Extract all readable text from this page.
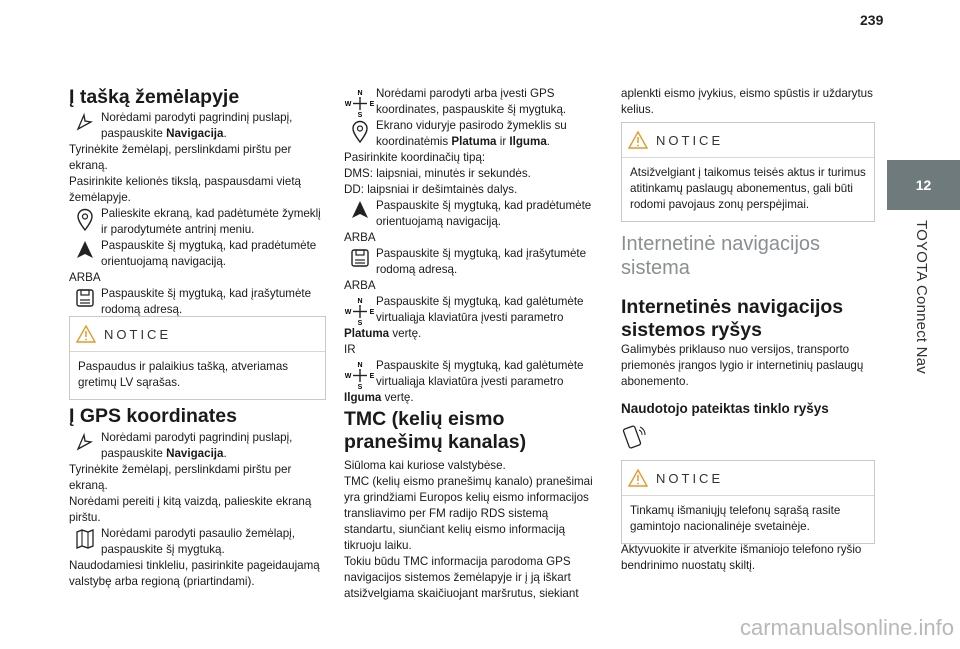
239
12
TOYOTA Connect Nav
Į tašką žemėlapyje

Norėdami parodyti pagrindinį puslapį, paspauskite Navigacija.

Tyrinėkite žemėlapį, perslinkdami pirštu per ekraną.

Pasirinkite kelionės tikslą, paspausdami vietą žemėlapyje.

Palieskite ekraną, kad padėtumėte žymeklį ir parodytumėte antrinį meniu.

Paspauskite šį mygtuką, kad pradėtumėte orientuojamą navigaciją.

ARBA

Paspauskite šį mygtuką, kad įrašytumėte rodomą adresą.

NOTICE

Paspaudus ir palaikius tašką, atveriamas gretimų LV sąrašas.

Į GPS koordinates

Norėdami parodyti pagrindinį puslapį, paspauskite Navigacija.

Tyrinėkite žemėlapį, perslinkdami pirštu per ekraną.

Norėdami pereiti į kitą vaizdą, palieskite ekraną pirštu.

Norėdami parodyti pasaulio žemėlapį, paspauskite šį mygtuką.

Naudodamiesi tinkleliu, pasirinkite pageidaujamą valstybę arba regioną (priartindami).

N
S
W	E

Norėdami parodyti arba įvesti GPS koordinates, paspauskite šį mygtuką.

Ekrano viduryje pasirodo žymeklis su koordinatėmis Platuma ir Ilguma.

Pasirinkite koordinačių tipą:

DMS: laipsniai, minutės ir sekundės.

DD: laipsniai ir dešimtainės dalys.

Paspauskite šį mygtuką, kad pradėtumėte orientuojamą navigaciją.

ARBA

Paspauskite šį mygtuką, kad įrašytumėte rodomą adresą.

ARBA

N
S
W	E

Paspauskite šį mygtuką, kad galėtumėte virtualiąja klaviatūra įvesti parametro

Platuma vertę.

IR

N
S
W	E

Paspauskite šį mygtuką, kad galėtumėte virtualiąja klaviatūra įvesti parametro

Ilguma vertę.

TMC (kelių eismo pranešimų kanalas)

Siūloma kai kuriose valstybėse.

TMC (kelių eismo pranešimų kanalo) pranešimai yra grindžiami Europos kelių eismo informacijos transliavimo per FM radijo RDS sistemą standartu, siunčiant kelių eismo informaciją tikruoju laiku.

Tokiu būdu TMC informacija parodoma GPS navigacijos sistemos žemėlapyje ir į ją iškart atsižvelgiama skaičiuojant maršrutus, siekiant

aplenkti eismo įvykius, eismo spūstis ir uždarytus kelius.

NOTICE

Atsižvelgiant į taikomus teisės aktus ir turimus atitinkamų paslaugų abonementus, gali būti rodomi pavojaus zonų perspėjimai.

Internetinė navigacijos sistema
Internetinės navigacijos sistemos ryšys

Galimybės priklauso nuo versijos, transporto priemonės įrangos lygio ir internetinių paslaugų abonemento.

Naudotojo pateiktas tinklo ryšys
NOTICE

Tinkamų išmaniųjų telefonų sąrašą rasite gamintojo nacionalinėje svetainėje.

Aktyvuokite ir atverkite išmaniojo telefono ryšio bendrinimo nuostatų skiltį.

carmanualsonline.info
